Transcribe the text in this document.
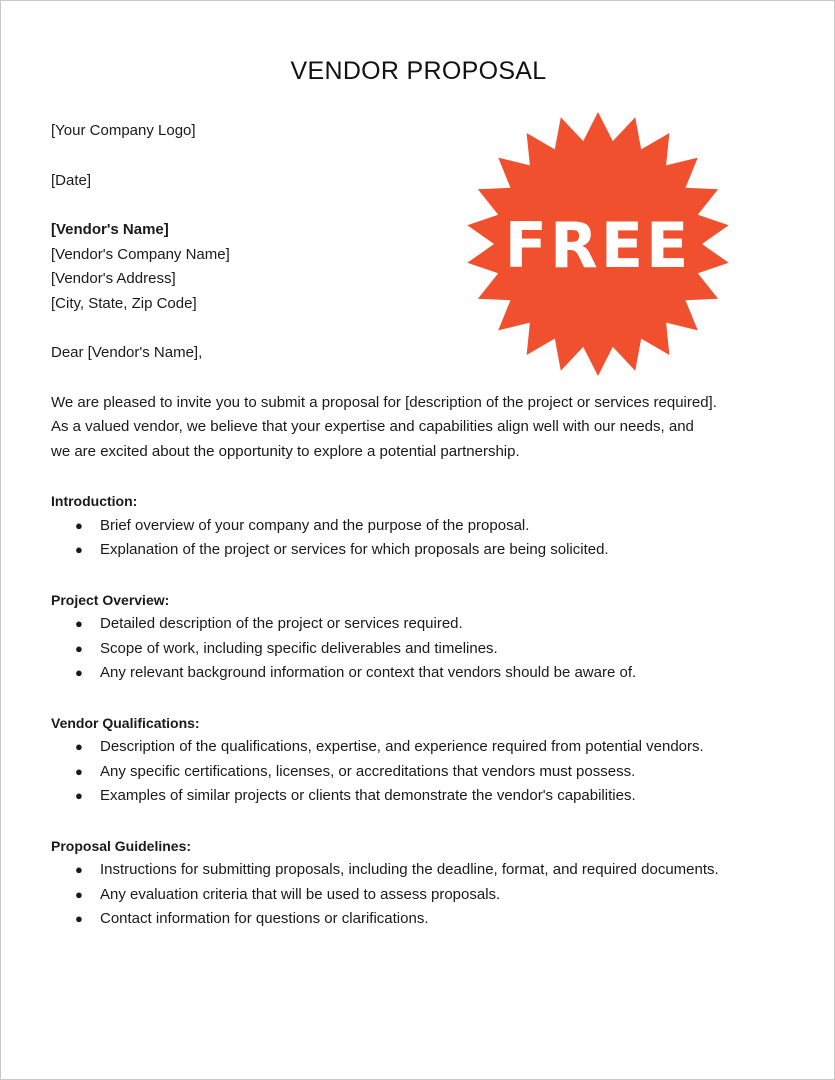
VENDOR PROPOSAL
FREE
[Your Company Logo]
[Date]
[Vendor's Name]
[Vendor's Company Name]
[Vendor's Address]
[City, State, Zip Code]
Dear [Vendor's Name],
We are pleased to invite you to submit a proposal for [description of the project or services required].
As a valued vendor, we believe that your expertise and capabilities align well with our needs, and
we are excited about the opportunity to explore a potential partnership.
Introduction:
● Brief overview of your company and the purpose of the proposal.
● Explanation of the project or services for which proposals are being solicited.
Project Overview:
● Detailed description of the project or services required.
● Scope of work, including specific deliverables and timelines.
● Any relevant background information or context that vendors should be aware of.
Vendor Qualifications:
● Description of the qualifications, expertise, and experience required from potential vendors.
● Any specific certifications, licenses, or accreditations that vendors must possess.
● Examples of similar projects or clients that demonstrate the vendor's capabilities.
Proposal Guidelines:
● Instructions for submitting proposals, including the deadline, format, and required documents.
● Any evaluation criteria that will be used to assess proposals.
● Contact information for questions or clarifications.
